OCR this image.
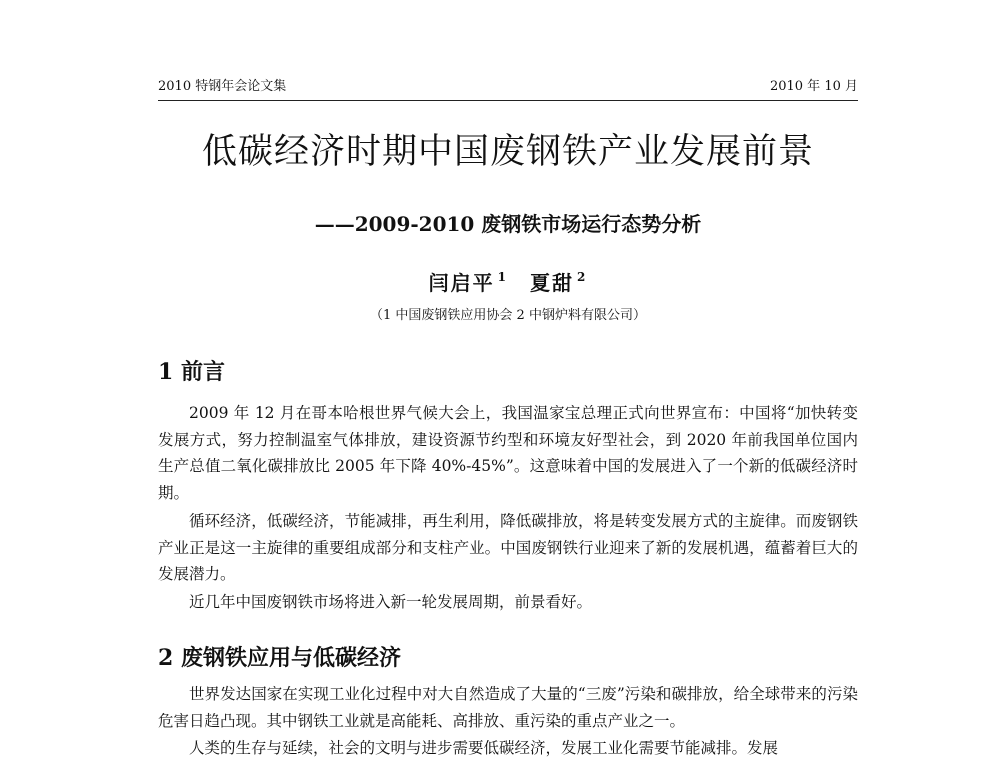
2010 特钢年会论文集	2010 年 10 月
低碳经济时期中国废钢铁产业发展前景
——2009-2010 废钢铁市场运行态势分析
闫启平 $^1$ 夏甜 $^2$
（1 中国废钢铁应用协会 2 中钢炉料有限公司）
1 前言

2009 年 12 月在哥本哈根世界气候大会上，我国温家宝总理正式向世界宣布：中国将“加快转变发展方式，努力控制温室气体排放，建设资源节约型和环境友好型社会，到 2020 年前我国单位国内生产总值二氧化碳排放比 2005 年下降 40%-45%”。这意味着中国的发展进入了一个新的低碳经济时期。

循环经济，低碳经济，节能减排，再生利用，降低碳排放，将是转变发展方式的主旋律。而废钢铁产业正是这一主旋律的重要组成部分和支柱产业。中国废钢铁行业迎来了新的发展机遇，蕴蓄着巨大的发展潜力。

近几年中国废钢铁市场将进入新一轮发展周期，前景看好。

2 废钢铁应用与低碳经济

世界发达国家在实现工业化过程中对大自然造成了大量的“三废”污染和碳排放，给全球带来的污染危害日趋凸现。其中钢铁工业就是高能耗、高排放、重污染的重点产业之一。

人类的生存与延续，社会的文明与进步需要低碳经济，发展工业化需要节能减排。发展
